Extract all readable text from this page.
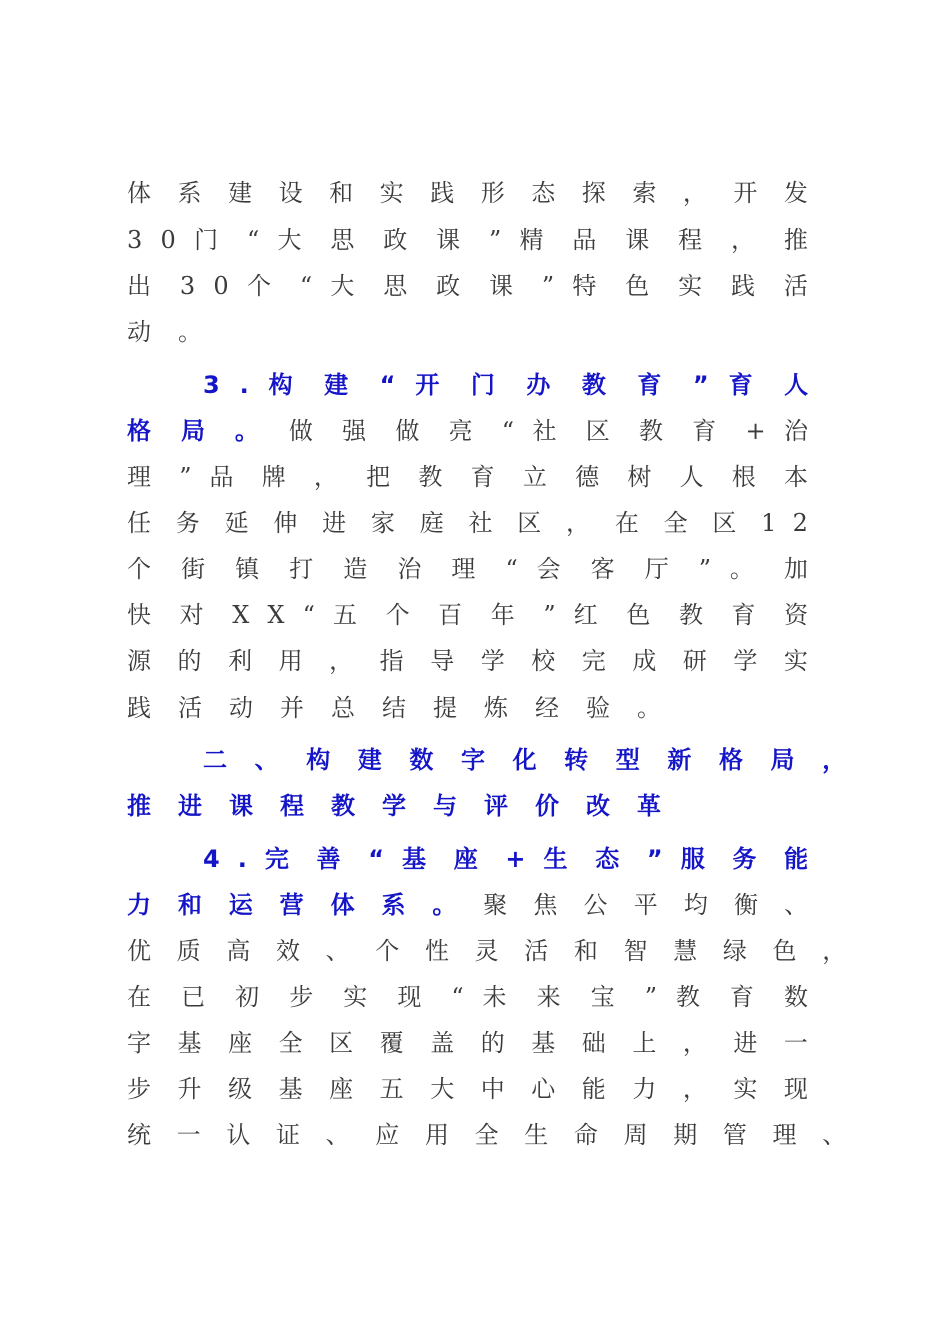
体 系 建 设 和 实 践 形 态 探 索 ， 开 发
3 0 门 “ 大 思 政 课 ” 精 品 课 程 ， 推
出 3 0 个 “ 大 思 政 课 ” 特 色 实 践 活
动。
3 . 构 建 “ 开 门 办 教 育 ” 育 人
格 局 。 做 强 做 亮 “ 社 区 教 育 + 治
理 ” 品 牌 ， 把 教 育 立 德 树 人 根 本
任 务 延 伸 进 家 庭 社 区 ， 在 全 区 1 2
个 街 镇 打 造 治 理 “ 会 客 厅 ” 。 加
快 对 X X “ 五 个 百 年 ” 红 色 教 育 资
源 的 利 用 ， 指 导 学 校 完 成 研 学 实
践活动并总结提炼经验。
二 、 构 建 数 字 化 转 型 新 格 局 ，
推进课程教学与评价改革
4 . 完 善 “ 基 座 + 生 态 ” 服 务 能
力 和 运 营 体 系 。 聚 焦 公 平 均 衡 、
优 质 高 效 、 个 性 灵 活 和 智 慧 绿 色 ，
在 已 初 步 实 现 “ 未 来 宝 ” 教 育 数
字 基 座 全 区 覆 盖 的 基 础 上 ， 进 一
步 升 级 基 座 五 大 中 心 能 力 ， 实 现
统 一 认 证 、 应 用 全 生 命 周 期 管 理 、
